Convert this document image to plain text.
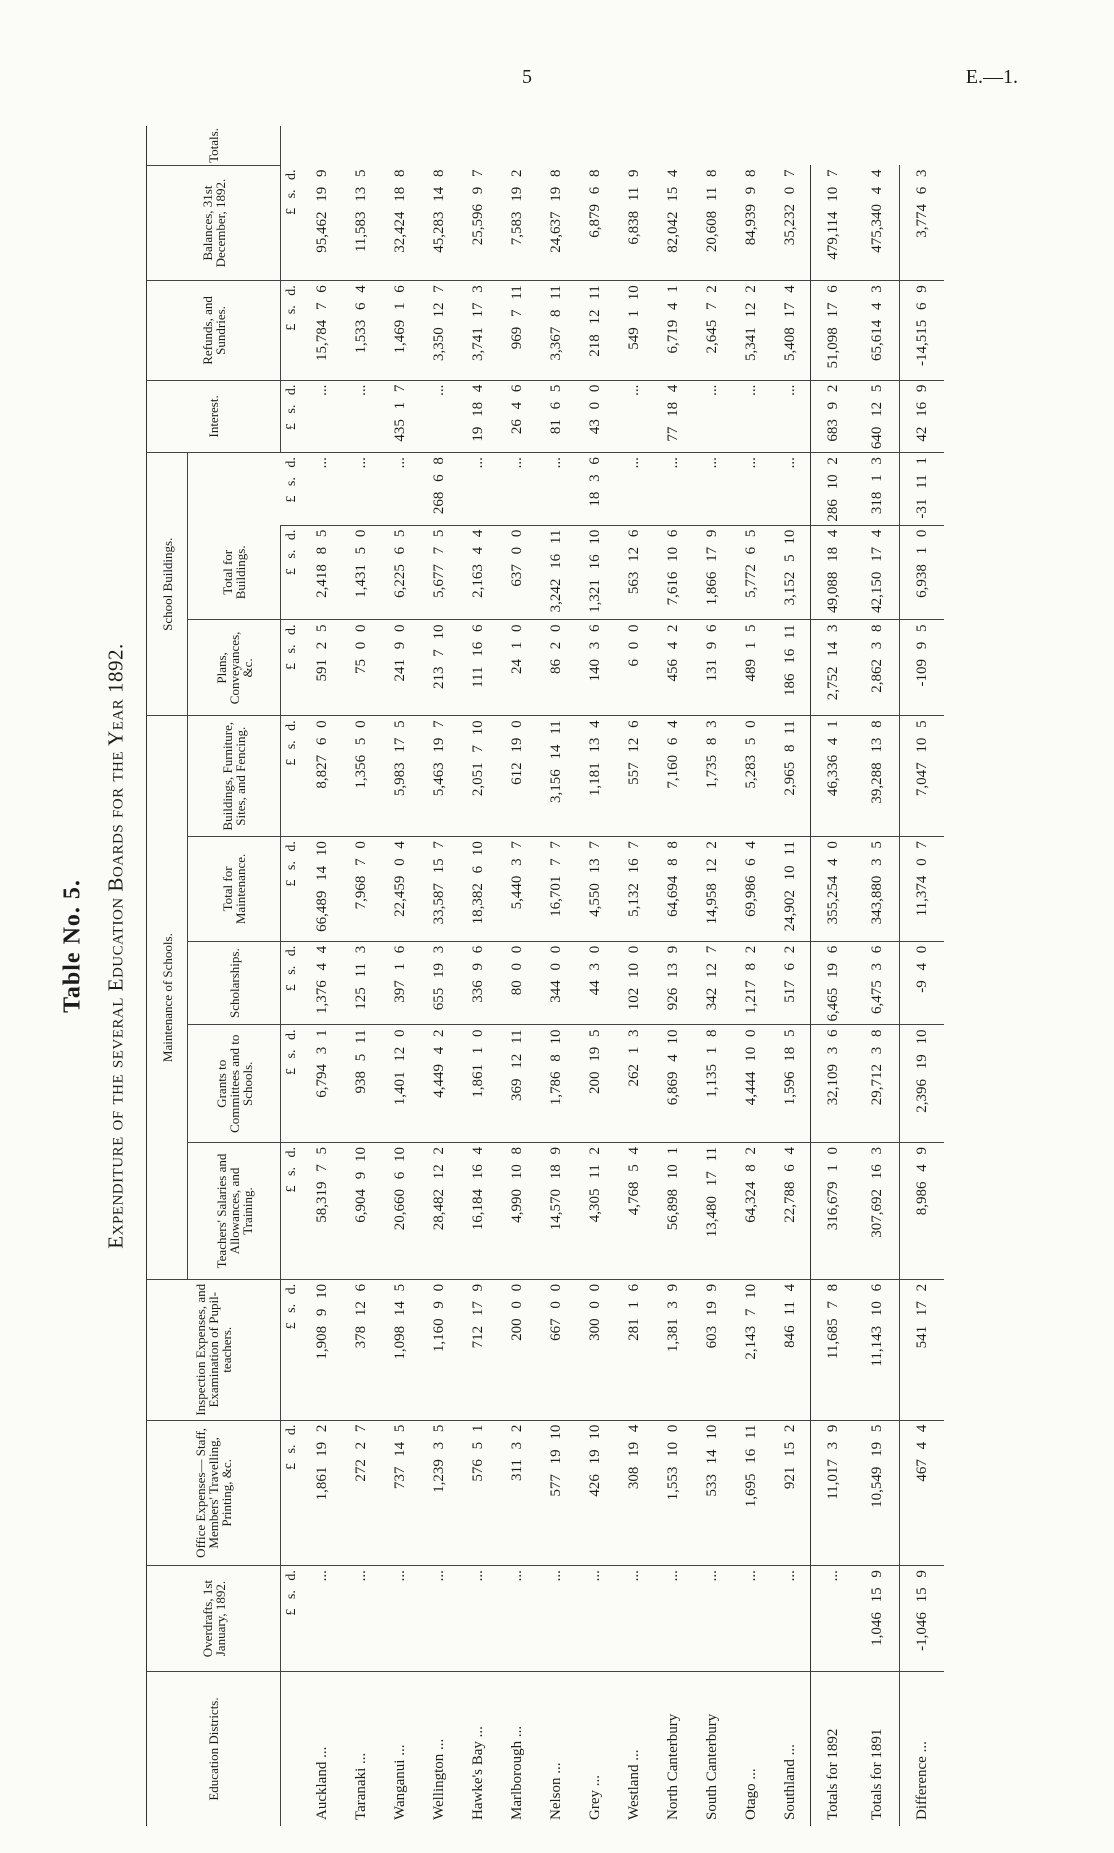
5	E.—1.
Table No. 5. Expenditure of the several Education Boards for the Year 1892.
Education Districts.	Overdrafts, 1st January, 1892.	Office Expenses— Staff, Members' Travelling, Printing, &c.	Inspection Expenses, and Examination of Pupil-teachers.	Maintenance of Schools.					School Buildings.			Interest.	Refunds, and Sundries.	Balances, 31st December, 1892.	Totals.
				Teachers' Salaries and Allowances, and Training.	Grants to Committees and to Schools.	Scholarships.	Total for Maintenance.	Buildings, Furniture, Sites, and Fencing.	Plans, Conveyances, &c.	Total for Buildings.					
	£ s. d.	£ s. d.	£ s. d.	£ s. d.	£ s. d.	£ s. d.	£ s. d.	£ s. d.	£ s. d.	£ s. d.	£ s. d.	£ s. d.	£ s. d.	£ s. d.	
Auckland ...	...	1,861 19 2	1,908 9 10	58,319 7 5	6,794 3 1	1,376 4 4	66,489 14 10	8,827 6 0	591 2 5	2,418 8 5	...	...	15,784 7 6	95,462 19 9	
Taranaki ...	...	272 2 7	378 12 6	6,904 9 10	938 5 11	125 11 3	7,968 7 0	1,356 5 0	75 0 0	1,431 5 0	...	...	1,533 6 4	11,583 13 5	
Wanganui ...	...	737 14 5	1,098 14 5	20,660 6 10	1,401 12 0	397 1 6	22,459 0 4	5,983 17 5	241 9 0	6,225 6 5	...	435 1 7	1,469 1 6	32,424 18 8	
Wellington ...	...	1,239 3 5	1,160 9 0	28,482 12 2	4,449 4 2	655 19 3	33,587 15 7	5,463 19 7	213 7 10	5,677 7 5	268 6 8	...	3,350 12 7	45,283 14 8	
Hawke's Bay ...	...	576 5 1	712 17 9	16,184 16 4	1,861 1 0	336 9 6	18,382 6 10	2,051 7 10	111 16 6	2,163 4 4	...	19 18 4	3,741 17 3	25,596 9 7	
Marlborough ...	...	311 3 2	200 0 0	4,990 10 8	369 12 11	80 0 0	5,440 3 7	612 19 0	24 1 0	637 0 0	...	26 4 6	969 7 11	7,583 19 2	
Nelson ...	...	577 19 10	667 0 0	14,570 18 9	1,786 8 10	344 0 0	16,701 7 7	3,156 14 11	86 2 0	3,242 16 11	...	81 6 5	3,367 8 11	24,637 19 8	
Grey ...	...	426 19 10	300 0 0	4,305 11 2	200 19 5	44 3 0	4,550 13 7	1,181 13 4	140 3 6	1,321 16 10	18 3 6	43 0 0	218 12 11	6,879 6 8	
Westland ...	...	308 19 4	281 1 6	4,768 5 4	262 1 3	102 10 0	5,132 16 7	557 12 6	6 0 0	563 12 6	...	...	549 1 10	6,838 11 9	
North Canterbury	...	1,553 10 0	1,381 3 9	56,898 10 1	6,869 4 10	926 13 9	64,694 8 8	7,160 6 4	456 4 2	7,616 10 6	...	77 18 4	6,719 4 1	82,042 15 4	
South Canterbury	...	533 14 10	603 19 9	13,480 17 11	1,135 1 8	342 12 7	14,958 12 2	1,735 8 3	131 9 6	1,866 17 9	...	...	2,645 7 2	20,608 11 8	
Otago ...	...	1,695 16 11	2,143 7 10	64,324 8 2	4,444 10 0	1,217 8 2	69,986 6 4	5,283 5 0	489 1 5	5,772 6 5	...	...	5,341 12 2	84,939 9 8	
Southland ...	...	921 15 2	846 11 4	22,788 6 4	1,596 18 5	517 6 2	24,902 10 11	2,965 8 11	186 16 11	3,152 5 10	...	...	5,408 17 4	35,232 0 7	
Totals for 1892	...	11,017 3 9	11,685 7 8	316,679 1 0	32,109 3 6	6,465 19 6	355,254 4 0	46,336 4 1	2,752 14 3	49,088 18 4	286 10 2	683 9 2	51,098 17 6	479,114 10 7	
Totals for 1891	1,046 15 9	10,549 19 5	11,143 10 6	307,692 16 3	29,712 3 8	6,475 3 6	343,880 3 5	39,288 13 8	2,862 3 8	42,150 17 4	318 1 3	640 12 5	65,614 4 3	475,340 4 4	
Difference ...	-1,046 15 9	467 4 4	541 17 2	8,986 4 9	2,396 19 10	-9 4 0	11,374 0 7	7,047 10 5	-109 9 5	6,938 1 0	-31 11 1	42 16 9	-14,515 6 9	3,774 6 3	
